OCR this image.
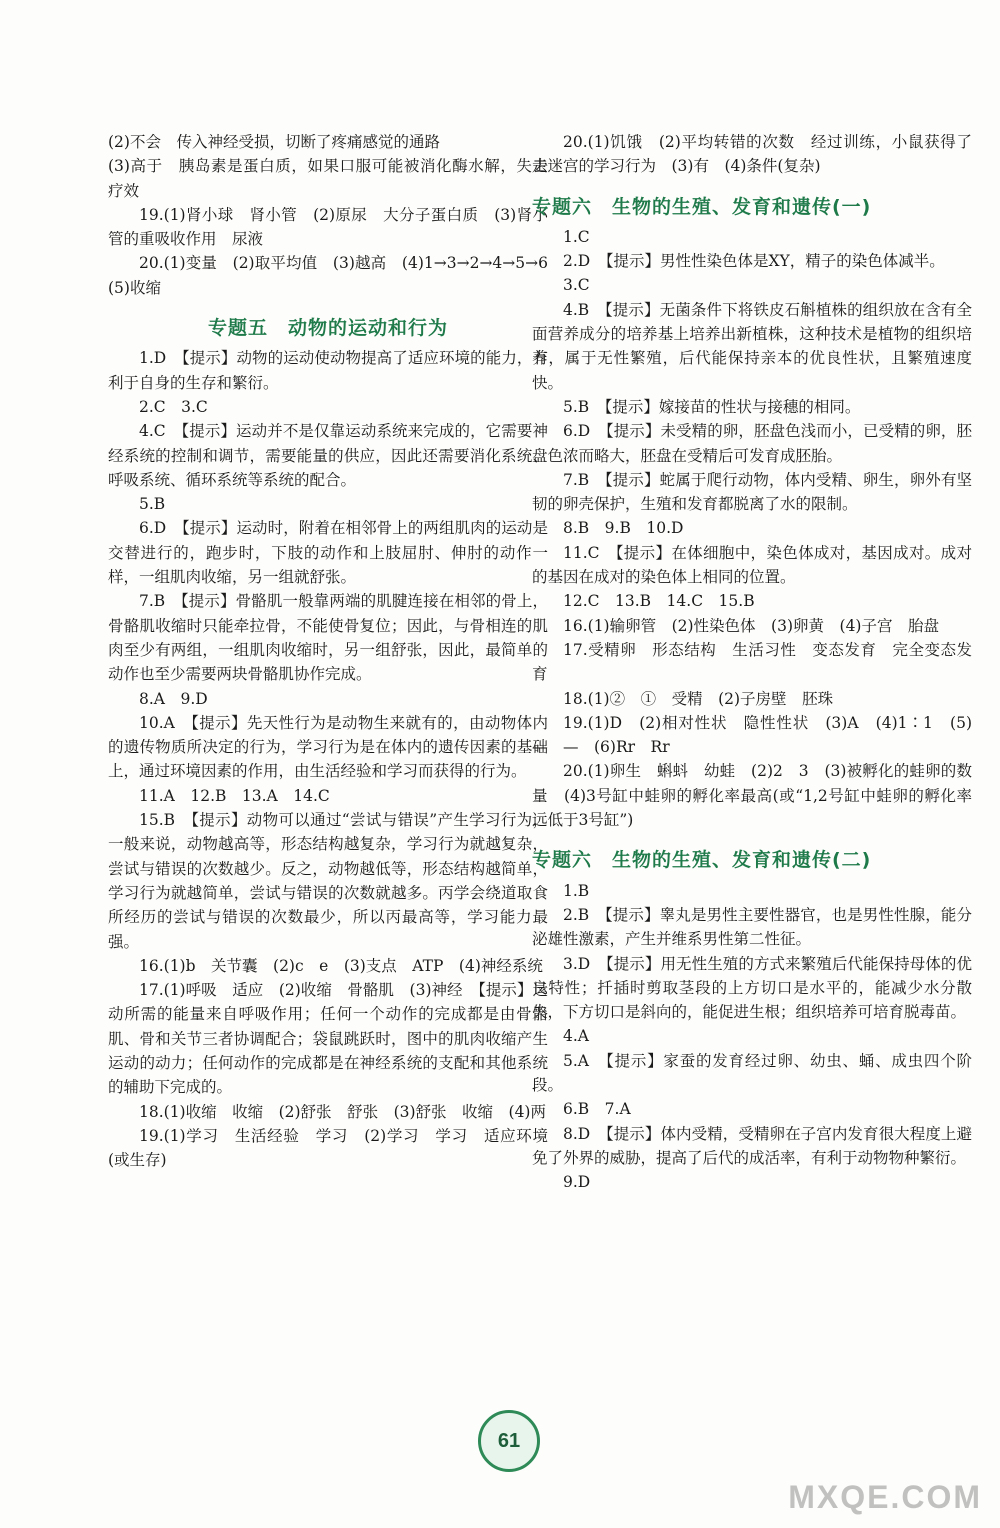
(2)不会　传入神经受损，切断了疼痛感觉的通路

(3)高于　胰岛素是蛋白质，如果口服可能被消化酶水解，失去疗效

19.(1)肾小球　肾小管　(2)原尿　大分子蛋白质　(3)肾小管的重吸收作用　尿液

20.(1)变量　(2)取平均值　(3)越高　(4)1→3→2→4→5→6　(5)收缩

专题五　动物的运动和行为

1.D　【提示】动物的运动使动物提高了适应环境的能力，有利于自身的生存和繁衍。

2.C　3.C

4.C　【提示】运动并不是仅靠运动系统来完成的，它需要神经系统的控制和调节，需要能量的供应，因此还需要消化系统、呼吸系统、循环系统等系统的配合。

5.B

6.D　【提示】运动时，附着在相邻骨上的两组肌肉的运动是交替进行的，跑步时，下肢的动作和上肢屈肘、伸肘的动作一样，一组肌肉收缩，另一组就舒张。

7.B　【提示】骨骼肌一般靠两端的肌腱连接在相邻的骨上，骨骼肌收缩时只能牵拉骨，不能使骨复位；因此，与骨相连的肌肉至少有两组，一组肌肉收缩时，另一组舒张，因此，最简单的动作也至少需要两块骨骼肌协作完成。

8.A　9.D

10.A　【提示】先天性行为是动物生来就有的，由动物体内的遗传物质所决定的行为，学习行为是在体内的遗传因素的基础上，通过环境因素的作用，由生活经验和学习而获得的行为。

11.A　12.B　13.A　14.C

15.B　【提示】动物可以通过“尝试与错误”产生学习行为，一般来说，动物越高等，形态结构越复杂，学习行为就越复杂，尝试与错误的次数越少。反之，动物越低等，形态结构越简单，学习行为就越简单，尝试与错误的次数就越多。丙学会绕道取食所经历的尝试与错误的次数最少，所以丙最高等，学习能力最强。

16.(1)b　关节囊　(2)c　e　(3)支点　ATP　(4)神经系统

17.(1)呼吸　适应　(2)收缩　骨骼肌　(3)神经　【提示】运动所需的能量来自呼吸作用；任何一个动作的完成都是由骨骼肌、骨和关节三者协调配合；袋鼠跳跃时，图中的肌肉收缩产生运动的动力；任何动作的完成都是在神经系统的支配和其他系统的辅助下完成的。

18.(1)收缩　收缩　(2)舒张　舒张　(3)舒张　收缩　(4)两

19.(1)学习　生活经验　学习　(2)学习　学习　适应环境(或生存)

20.(1)饥饿　(2)平均转错的次数　经过训练，小鼠获得了走迷宫的学习行为　(3)有　(4)条件(复杂)

专题六　生物的生殖、发育和遗传(一)

1.C

2.D　【提示】男性性染色体是XY，精子的染色体减半。

3.C

4.B　【提示】无菌条件下将铁皮石斛植株的组织放在含有全面营养成分的培养基上培养出新植株，这种技术是植物的组织培养，属于无性繁殖，后代能保持亲本的优良性状，且繁殖速度快。

5.B　【提示】嫁接苗的性状与接穗的相同。

6.D　【提示】未受精的卵，胚盘色浅而小，已受精的卵，胚盘色浓而略大，胚盘在受精后可发育成胚胎。

7.B　【提示】蛇属于爬行动物，体内受精、卵生，卵外有坚韧的卵壳保护，生殖和发育都脱离了水的限制。

8.B　9.B　10.D

11.C　【提示】在体细胞中，染色体成对，基因成对。成对的基因在成对的染色体上相同的位置。

12.C　13.B　14.C　15.B

16.(1)输卵管　(2)性染色体　(3)卵黄　(4)子宫　胎盘

17.受精卵　形态结构　生活习性　变态发育　完全变态发育

18.(1)②　①　受精　(2)子房壁　胚珠

19.(1)D　(2)相对性状　隐性性状　(3)A　(4)1∶1　(5)—　—　(6)Rr　Rr

20.(1)卵生　蝌蚪　幼蛙　(2)2　3　(3)被孵化的蛙卵的数量　(4)3号缸中蛙卵的孵化率最高(或“1,2号缸中蛙卵的孵化率远低于3号缸”)

专题六　生物的生殖、发育和遗传(二)

1.B

2.B　【提示】睾丸是男性主要性器官，也是男性性腺，能分泌雄性激素，产生并维系男性第二性征。

3.D　【提示】用无性生殖的方式来繁殖后代能保持母体的优良特性；扦插时剪取茎段的上方切口是水平的，能减少水分散失，下方切口是斜向的，能促进生根；组织培养可培育脱毒苗。

4.A

5.A　【提示】家蚕的发育经过卵、幼虫、蛹、成虫四个阶段。

6.B　7.A

8.D　【提示】体内受精，受精卵在子宫内发育很大程度上避免了外界的威胁，提高了后代的成活率，有利于动物物种繁衍。

9.D

61
MXQE.COM
